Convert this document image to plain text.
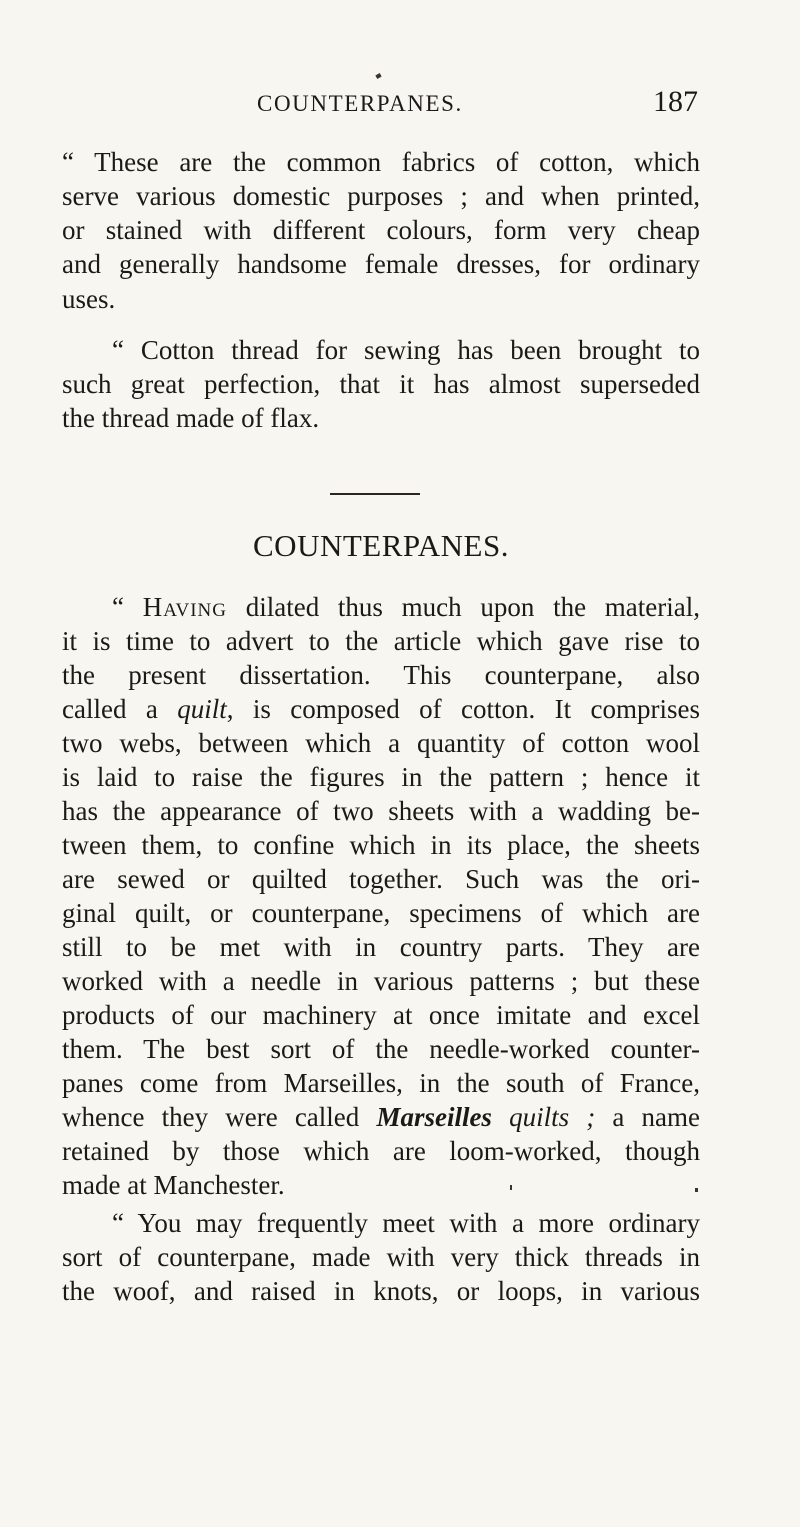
COUNTERPANES.	187

“ These are the common fabrics of cotton, which

serve various domestic purposes ; and when printed,

or stained with different colours, form very cheap

and generally handsome female dresses, for ordinary

uses.

“ Cotton thread for sewing has been brought to

such great perfection, that it has almost superseded

the thread made of flax.

COUNTERPANES.

“ Having dilated thus much upon the material,

it is time to advert to the article which gave rise to

the present dissertation. This counterpane, also

called a quilt, is composed of cotton. It comprises

two webs, between which a quantity of cotton wool

is laid to raise the figures in the pattern ; hence it

has the appearance of two sheets with a wadding be-

tween them, to confine which in its place, the sheets

are sewed or quilted together. Such was the ori-

ginal quilt, or counterpane, specimens of which are

still to be met with in country parts. They are

worked with a needle in various patterns ; but these

products of our machinery at once imitate and excel

them. The best sort of the needle-worked counter-

panes come from Marseilles, in the south of France,

whence they were called Marseilles quilts ; a name

retained by those which are loom-worked, though

made at Manchester.

“ You may frequently meet with a more ordinary

sort of counterpane, made with very thick threads in

the woof, and raised in knots, or loops, in various
